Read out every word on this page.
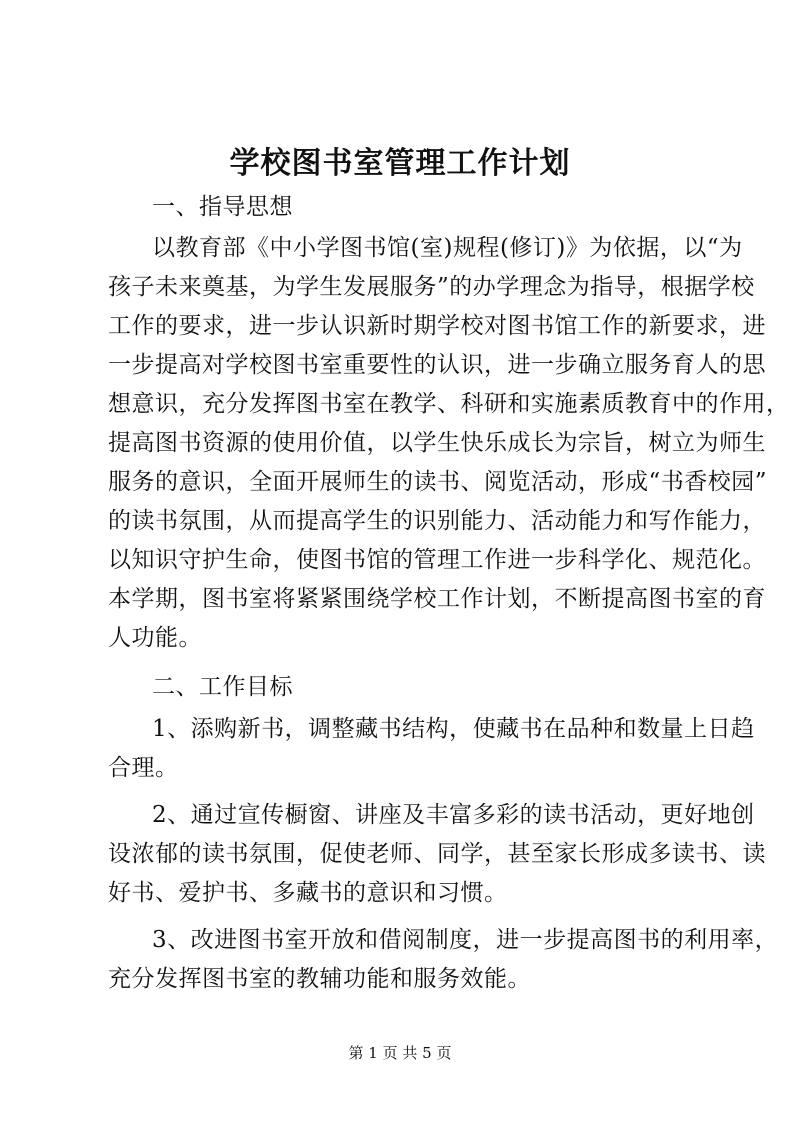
学校图书室管理工作计划
一、指导思想
以教育部《中小学图书馆(室)规程(修订)》为依据，以“为
孩子未来奠基，为学生发展服务”的办学理念为指导，根据学校
工作的要求，进一步认识新时期学校对图书馆工作的新要求，进
一步提高对学校图书室重要性的认识，进一步确立服务育人的思
想意识，充分发挥图书室在教学、科研和实施素质教育中的作用，
提高图书资源的使用价值，以学生快乐成长为宗旨，树立为师生
服务的意识，全面开展师生的读书、阅览活动，形成“书香校园”
的读书氛围，从而提高学生的识别能力、活动能力和写作能力，
以知识守护生命，使图书馆的管理工作进一步科学化、规范化。
本学期，图书室将紧紧围绕学校工作计划，不断提高图书室的育
人功能。
二、工作目标
1、添购新书，调整藏书结构，使藏书在品种和数量上日趋
合理。
2、通过宣传橱窗、讲座及丰富多彩的读书活动，更好地创
设浓郁的读书氛围，促使老师、同学，甚至家长形成多读书、读
好书、爱护书、多藏书的意识和习惯。
3、改进图书室开放和借阅制度，进一步提高图书的利用率，
充分发挥图书室的教辅功能和服务效能。
第 1 页 共 5 页
